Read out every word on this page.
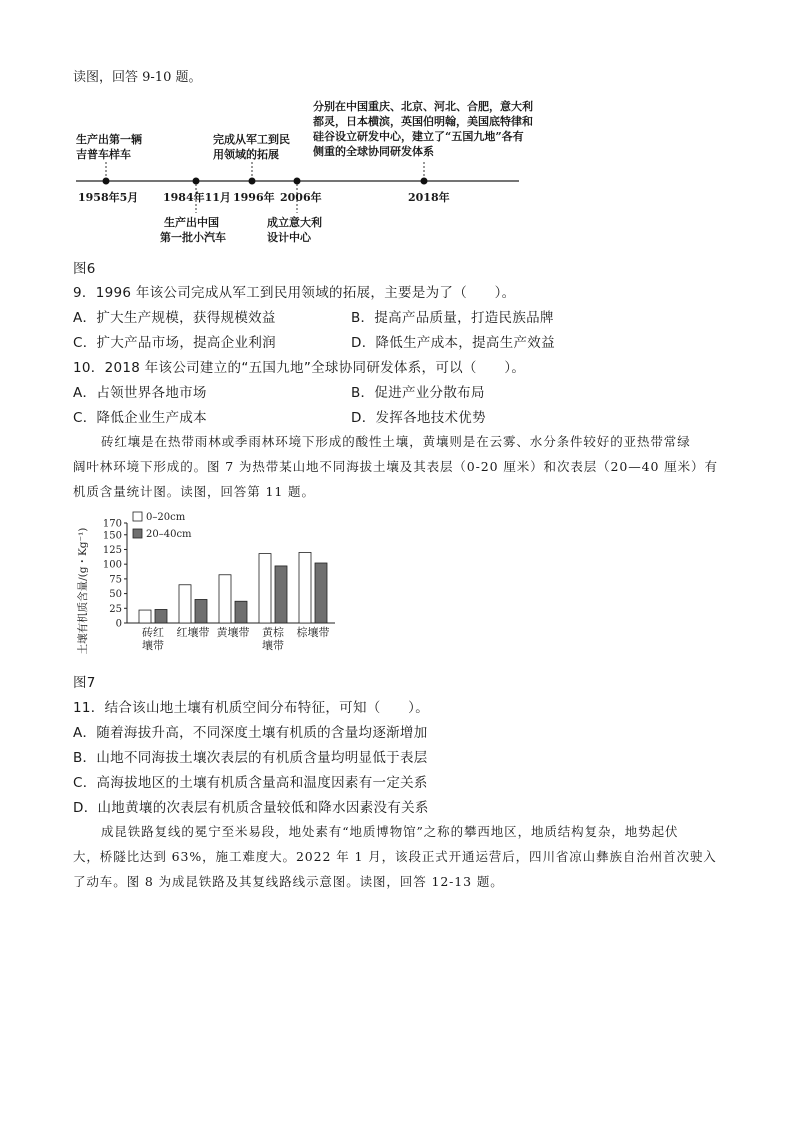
读图，回答 9-10 题。
1958年5月 1984年11月 1996年 2006年	2018年
生产出第一辆
吉普车样车
完成从军工到民
用领域的拓展
分别在中国重庆、北京、河北、合肥，意大利
都灵，日本横滨，英国伯明翰，美国底特律和
硅谷设立研发中心，建立了“五国九地”各有
侧重的全球协同研发体系
生产出中国
第一批小汽车
成立意大利
设计中心
图6
9．1996 年该公司完成从军工到民用领域的拓展，主要是为了（　　）。
A．扩大生产规模，获得规模效益	B．提高产品质量，打造民族品牌
C．扩大产品市场，提高企业利润	D．降低生产成本，提高生产效益
10．2018 年该公司建立的“五国九地”全球协同研发体系，可以（　　）。
A．占领世界各地市场	B．促进产业分散布局
C．降低企业生产成本	D．发挥各地技术优势
砖红壤是在热带雨林或季雨林环境下形成的酸性土壤，黄壤则是在云雾、水分条件较好的亚热带常绿
阔叶林环境下形成的。图 7 为热带某山地不同海拔土壤及其表层（0-20 厘米）和次表层（20—40 厘米）有
机质含量统计图。读图，回答第 11 题。
0
25
50
75
100
125
150
170
土壤有机质含量/(g・Kg⁻¹)	砖红
壤带
红壤带 黄壤带 黄棕
壤带
棕壤带
0–20cm
20–40cm
图7
11．结合该山地土壤有机质空间分布特征，可知（　　）。
A．随着海拔升高，不同深度土壤有机质的含量均逐渐增加
B．山地不同海拔土壤次表层的有机质含量均明显低于表层
C．高海拔地区的土壤有机质含量高和温度因素有一定关系
D．山地黄壤的次表层有机质含量较低和降水因素没有关系
成昆铁路复线的冕宁至米易段，地处素有“地质博物馆”之称的攀西地区，地质结构复杂，地势起伏
大，桥隧比达到 63%，施工难度大。2022 年 1 月，该段正式开通运营后，四川省凉山彝族自治州首次驶入
了动车。图 8 为成昆铁路及其复线路线示意图。读图，回答 12-13 题。
